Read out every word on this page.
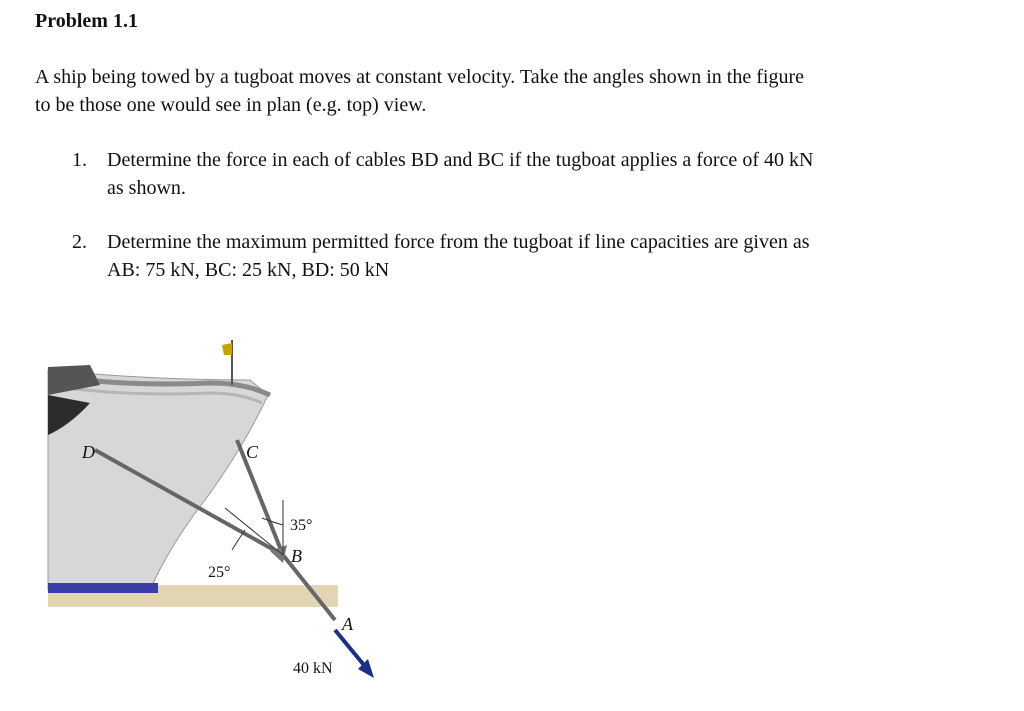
Problem 1.1
A ship being towed by a tugboat moves at constant velocity. Take the angles shown in the figure
to be those one would see in plan (e.g. top) view.
1. Determine the force in each of cables BD and BC if the tugboat applies a force of 40 kN
as shown.
2. Determine the maximum permitted force from the tugboat if line capacities are given as
AB: 75 kN, BC: 25 kN, BD: 50 kN
D	C
B
A
35°
25°
40 kN
